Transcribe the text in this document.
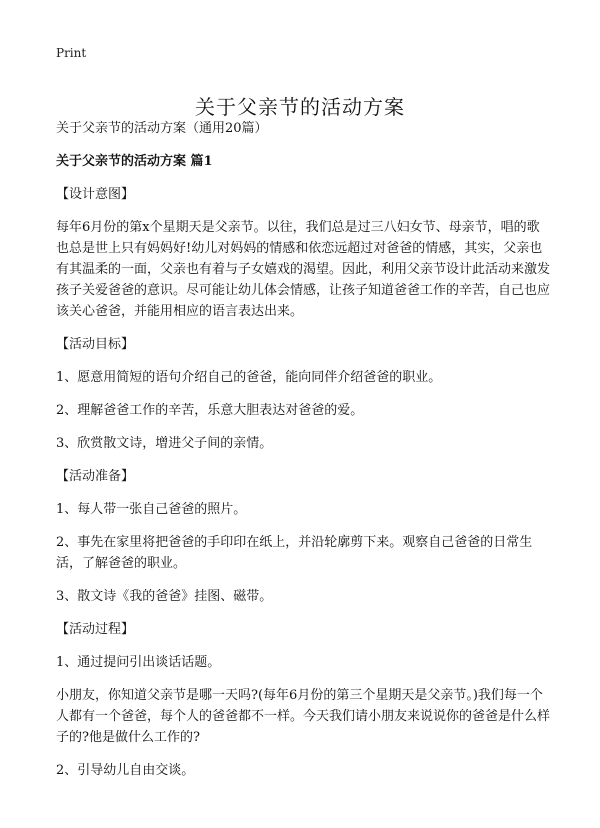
Print
关于父亲节的活动方案

关于父亲节的活动方案（通用20篇）

关于父亲节的活动方案 篇1

【设计意图】

每年6月份的第x个星期天是父亲节。以往，我们总是过三八妇女节、母亲节，唱的歌也总是世上只有妈妈好!幼儿对妈妈的情感和依恋远超过对爸爸的情感，其实，父亲也有其温柔的一面，父亲也有着与子女嬉戏的渴望。因此，利用父亲节设计此活动来激发孩子关爱爸爸的意识。尽可能让幼儿体会情感，让孩子知道爸爸工作的辛苦，自己也应该关心爸爸，并能用相应的语言表达出来。

【活动目标】

1、愿意用简短的语句介绍自己的爸爸，能向同伴介绍爸爸的职业。

2、理解爸爸工作的辛苦，乐意大胆表达对爸爸的爱。

3、欣赏散文诗，增进父子间的亲情。

【活动准备】

1、每人带一张自己爸爸的照片。

2、事先在家里将把爸爸的手印印在纸上，并沿轮廓剪下来。观察自己爸爸的日常生活，了解爸爸的职业。

3、散文诗《我的爸爸》挂图、磁带。

【活动过程】

1、通过提问引出谈话话题。

小朋友，你知道父亲节是哪一天吗?(每年6月份的第三个星期天是父亲节。)我们每一个人都有一个爸爸，每个人的爸爸都不一样。今天我们请小朋友来说说你的爸爸是什么样子的?他是做什么工作的?

2、引导幼儿自由交谈。
